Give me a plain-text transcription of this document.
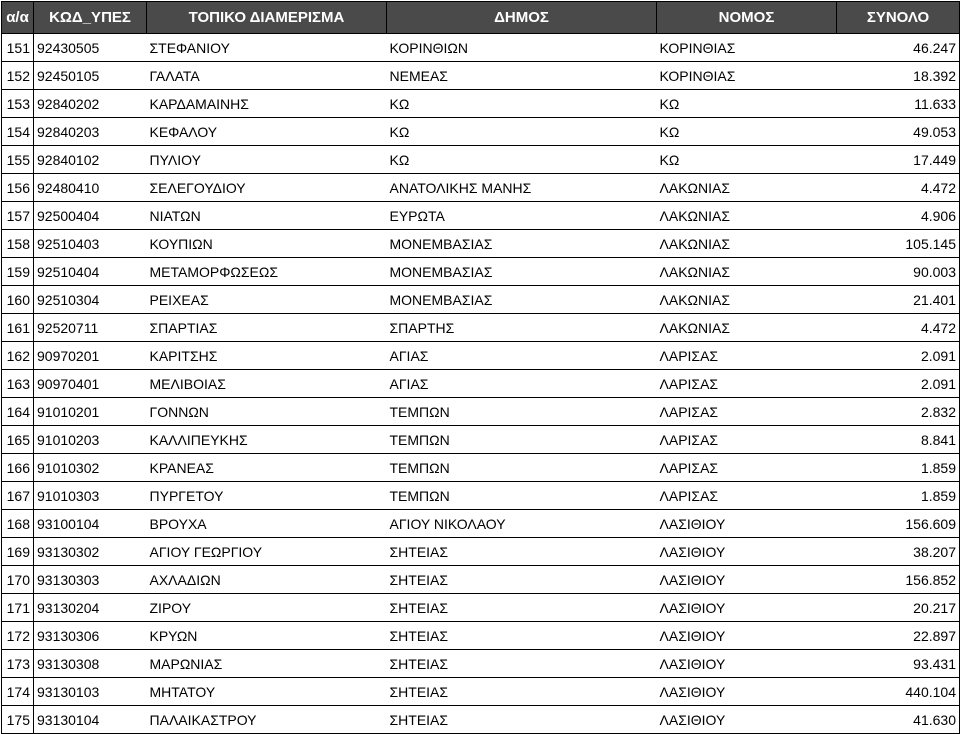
α/α	ΚΩΔ_ΥΠΕΣ	ΤΟΠΙΚΟ ΔΙΑΜΕΡΙΣΜΑ	ΔΗΜΟΣ	ΝΟΜΟΣ	ΣΥΝΟΛΟ
151	92430505	ΣΤΕΦΑΝΙΟΥ	ΚΟΡΙΝΘΙΩΝ	ΚΟΡΙΝΘΙΑΣ	46.247
152	92450105	ΓΑΛΑΤΑ	ΝΕΜΕΑΣ	ΚΟΡΙΝΘΙΑΣ	18.392
153	92840202	ΚΑΡΔΑΜΑΙΝΗΣ	ΚΩ	ΚΩ	11.633
154	92840203	ΚΕΦΑΛΟΥ	ΚΩ	ΚΩ	49.053
155	92840102	ΠΥΛΙΟΥ	ΚΩ	ΚΩ	17.449
156	92480410	ΣΕΛΕΓΟΥΔΙΟΥ	ΑΝΑΤΟΛΙΚΗΣ ΜΑΝΗΣ	ΛΑΚΩΝΙΑΣ	4.472
157	92500404	ΝΙΑΤΩΝ	ΕΥΡΩΤΑ	ΛΑΚΩΝΙΑΣ	4.906
158	92510403	ΚΟΥΠΙΩΝ	ΜΟΝΕΜΒΑΣΙΑΣ	ΛΑΚΩΝΙΑΣ	105.145
159	92510404	ΜΕΤΑΜΟΡΦΩΣΕΩΣ	ΜΟΝΕΜΒΑΣΙΑΣ	ΛΑΚΩΝΙΑΣ	90.003
160	92510304	ΡΕΙΧΕΑΣ	ΜΟΝΕΜΒΑΣΙΑΣ	ΛΑΚΩΝΙΑΣ	21.401
161	92520711	ΣΠΑΡΤΙΑΣ	ΣΠΑΡΤΗΣ	ΛΑΚΩΝΙΑΣ	4.472
162	90970201	ΚΑΡΙΤΣΗΣ	ΑΓΙΑΣ	ΛΑΡΙΣΑΣ	2.091
163	90970401	ΜΕΛΙΒΟΙΑΣ	ΑΓΙΑΣ	ΛΑΡΙΣΑΣ	2.091
164	91010201	ΓΟΝΝΩΝ	ΤΕΜΠΩΝ	ΛΑΡΙΣΑΣ	2.832
165	91010203	ΚΑΛΛΙΠΕΥΚΗΣ	ΤΕΜΠΩΝ	ΛΑΡΙΣΑΣ	8.841
166	91010302	ΚΡΑΝΕΑΣ	ΤΕΜΠΩΝ	ΛΑΡΙΣΑΣ	1.859
167	91010303	ΠΥΡΓΕΤΟΥ	ΤΕΜΠΩΝ	ΛΑΡΙΣΑΣ	1.859
168	93100104	ΒΡΟΥΧΑ	ΑΓΙΟΥ ΝΙΚΟΛΑΟΥ	ΛΑΣΙΘΙΟΥ	156.609
169	93130302	ΑΓΙΟΥ ΓΕΩΡΓΙΟΥ	ΣΗΤΕΙΑΣ	ΛΑΣΙΘΙΟΥ	38.207
170	93130303	ΑΧΛΑΔΙΩΝ	ΣΗΤΕΙΑΣ	ΛΑΣΙΘΙΟΥ	156.852
171	93130204	ΖΙΡΟΥ	ΣΗΤΕΙΑΣ	ΛΑΣΙΘΙΟΥ	20.217
172	93130306	ΚΡΥΩΝ	ΣΗΤΕΙΑΣ	ΛΑΣΙΘΙΟΥ	22.897
173	93130308	ΜΑΡΩΝΙΑΣ	ΣΗΤΕΙΑΣ	ΛΑΣΙΘΙΟΥ	93.431
174	93130103	ΜΗΤΑΤΟΥ	ΣΗΤΕΙΑΣ	ΛΑΣΙΘΙΟΥ	440.104
175	93130104	ΠΑΛΑΙΚΑΣΤΡΟΥ	ΣΗΤΕΙΑΣ	ΛΑΣΙΘΙΟΥ	41.630
